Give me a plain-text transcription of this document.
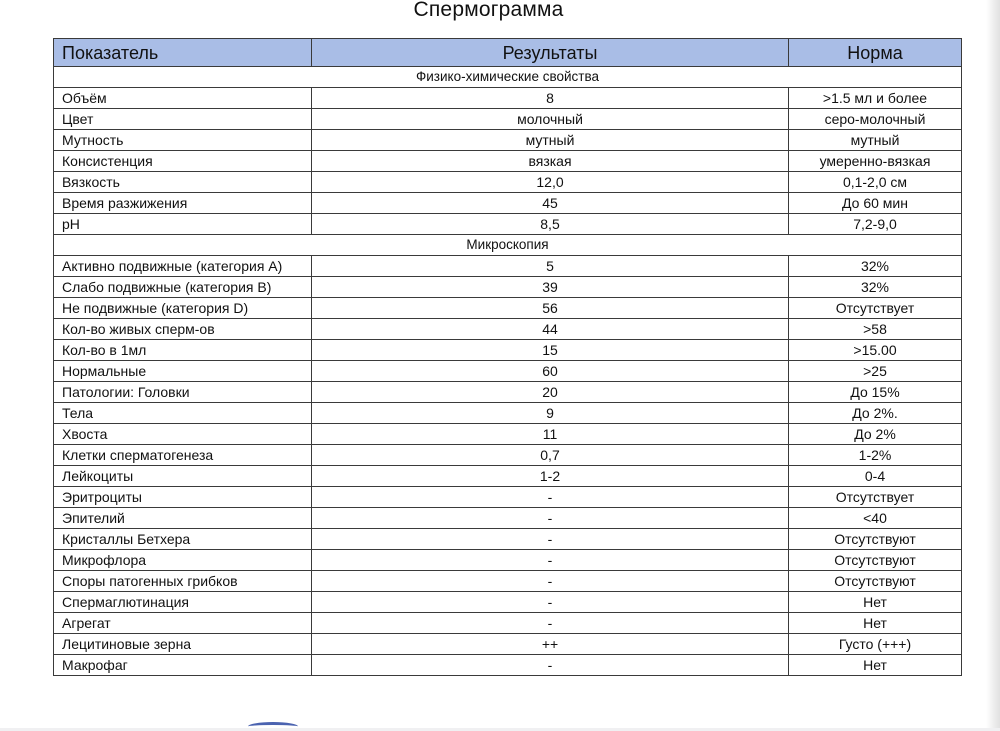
Спермограмма
Показатель	Результаты	Норма
Физико-химические свойства		
Объём	8	>1.5 мл и более
Цвет	молочный	серо-молочный
Мутность	мутный	мутный
Консистенция	вязкая	умеренно-вязкая
Вязкость	12,0	0,1-2,0 см
Время разжижения	45	До 60 мин
pH	8,5	7,2-9,0
Микроскопия		
Активно подвижные (категория А)	5	32%
Слабо подвижные (категория В)	39	32%
Не подвижные (категория D)	56	Отсутствует
Кол-во живых сперм-ов	44	>58
Кол-во в 1мл	15	>15.00
Нормальные	60	>25
Патологии: Головки	20	До 15%
Тела	9	До 2%.
Хвоста	11	До 2%
Клетки сперматогенеза	0,7	1-2%
Лейкоциты	1-2	0-4
Эритроциты	-	Отсутствует
Эпителий	-	<40
Кристаллы Бетхера	-	Отсутствуют
Микрофлора	-	Отсутствуют
Споры патогенных грибков	-	Отсутствуют
Спермаглютинация	-	Нет
Агрегат	-	Нет
Лецитиновые зерна	++	Густо (+++)
Макрофаг	-	Нет
